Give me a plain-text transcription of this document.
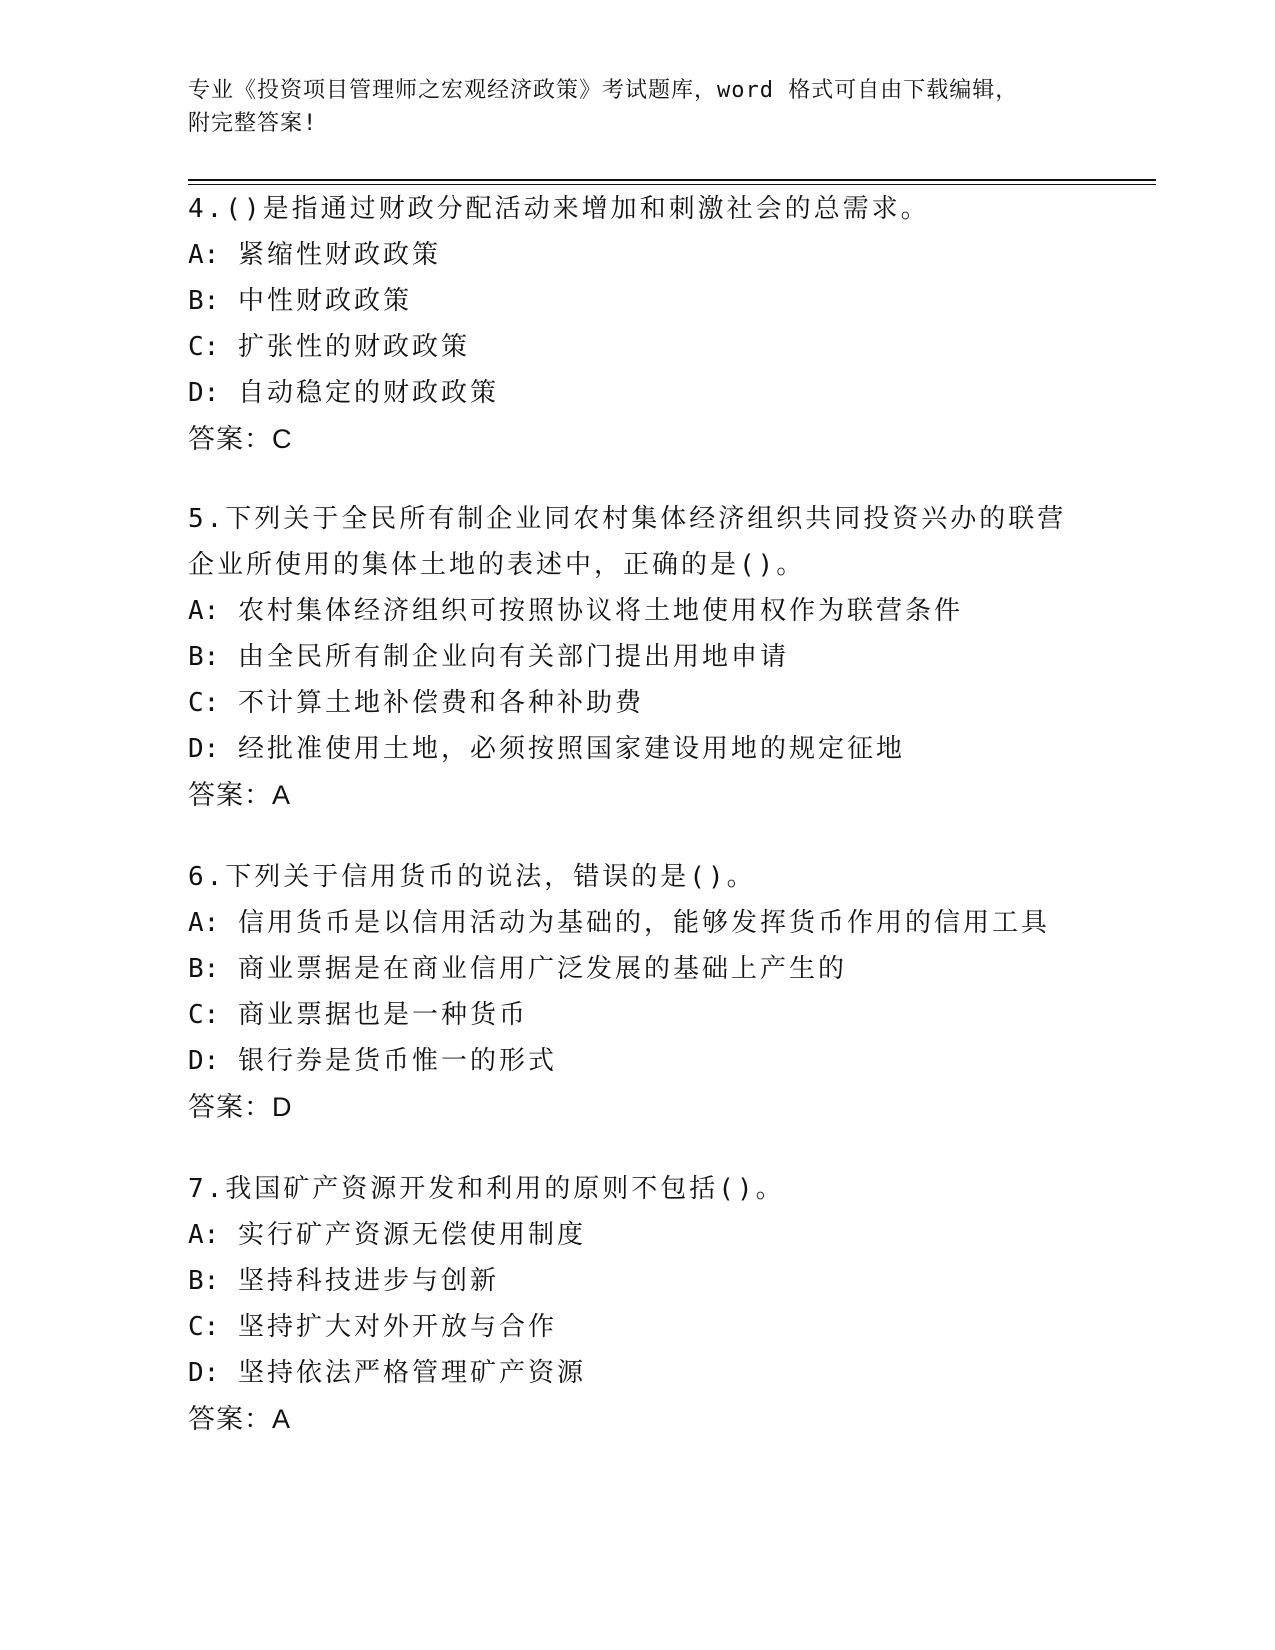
专业《投资项目管理师之宏观经济政策》考试题库，word 格式可自由下载编辑，
附完整答案!
4.()是指通过财政分配活动来增加和刺激社会的总需求。
A: 紧缩性财政政策
B: 中性财政政策
C: 扩张性的财政政策
D: 自动稳定的财政政策
答案：C
5.下列关于全民所有制企业同农村集体经济组织共同投资兴办的联营
企业所使用的集体土地的表述中，正确的是()。
A: 农村集体经济组织可按照协议将土地使用权作为联营条件
B: 由全民所有制企业向有关部门提出用地申请
C: 不计算土地补偿费和各种补助费
D: 经批准使用土地，必须按照国家建设用地的规定征地
答案：A
6.下列关于信用货币的说法，错误的是()。
A: 信用货币是以信用活动为基础的，能够发挥货币作用的信用工具
B: 商业票据是在商业信用广泛发展的基础上产生的
C: 商业票据也是一种货币
D: 银行券是货币惟一的形式
答案：D
7.我国矿产资源开发和利用的原则不包括()。
A: 实行矿产资源无偿使用制度
B: 坚持科技进步与创新
C: 坚持扩大对外开放与合作
D: 坚持依法严格管理矿产资源
答案：A
